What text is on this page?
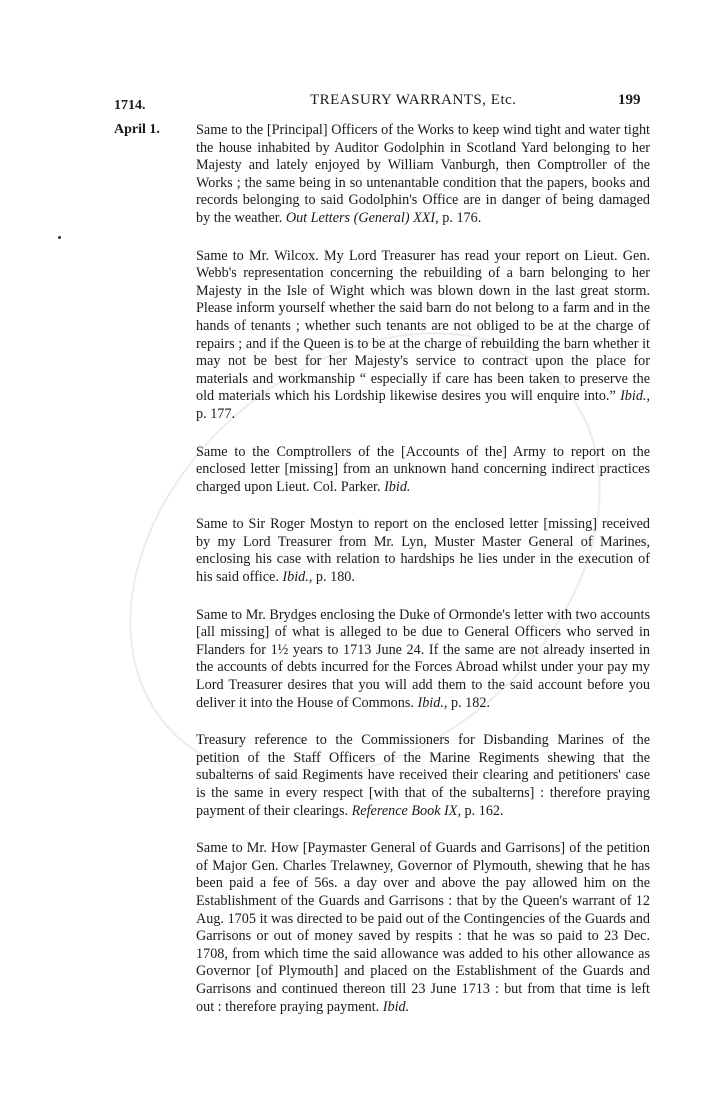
1714.	TREASURY WARRANTS, Etc.	199
April 1.	Same to the [Principal] Officers of the Works to keep wind tight and water tight the house inhabited by Auditor Godolphin in Scotland Yard belonging to her Majesty and lately enjoyed by William Vanburgh, then Comptroller of the Works ; the same being in so untenantable condition that the papers, books and records belonging to said Godolphin's Office are in danger of being damaged by the weather. Out Letters (General) XXI, p. 176.

Same to Mr. Wilcox. My Lord Treasurer has read your report on Lieut. Gen. Webb's representation concerning the rebuilding of a barn belonging to her Majesty in the Isle of Wight which was blown down in the last great storm. Please inform yourself whether the said barn do not belong to a farm and in the hands of tenants ; whether such tenants are not obliged to be at the charge of repairs ; and if the Queen is to be at the charge of rebuilding the barn whether it may not be best for her Majesty's service to contract upon the place for materials and workmanship “ especially if care has been taken to preserve the old materials which his Lordship likewise desires you will enquire into.” Ibid., p. 177.

Same to the Comptrollers of the [Accounts of the] Army to report on the enclosed letter [missing] from an unknown hand concerning indirect practices charged upon Lieut. Col. Parker. Ibid.

Same to Sir Roger Mostyn to report on the enclosed letter [missing] received by my Lord Treasurer from Mr. Lyn, Muster Master General of Marines, enclosing his case with relation to hardships he lies under in the execution of his said office. Ibid., p. 180.

Same to Mr. Brydges enclosing the Duke of Ormonde's letter with two accounts [all missing] of what is alleged to be due to General Officers who served in Flanders for 1½ years to 1713 June 24. If the same are not already inserted in the accounts of debts incurred for the Forces Abroad whilst under your pay my Lord Treasurer desires that you will add them to the said account before you deliver it into the House of Commons. Ibid., p. 182.

Treasury reference to the Commissioners for Disbanding Marines of the petition of the Staff Officers of the Marine Regiments shewing that the subalterns of said Regiments have received their clearing and petitioners' case is the same in every respect [with that of the subalterns] : therefore praying payment of their clearings. Reference Book IX, p. 162.

Same to Mr. How [Paymaster General of Guards and Garrisons] of the petition of Major Gen. Charles Trelawney, Governor of Plymouth, shewing that he has been paid a fee of 56s. a day over and above the pay allowed him on the Establishment of the Guards and Garrisons : that by the Queen's warrant of 12 Aug. 1705 it was directed to be paid out of the Contingencies of the Guards and Garrisons or out of money saved by respits : that he was so paid to 23 Dec. 1708, from which time the said allowance was added to his other allowance as Governor [of Plymouth] and placed on the Establishment of the Guards and Garrisons and continued thereon till 23 June 1713 : but from that time is left out : therefore praying payment. Ibid.
